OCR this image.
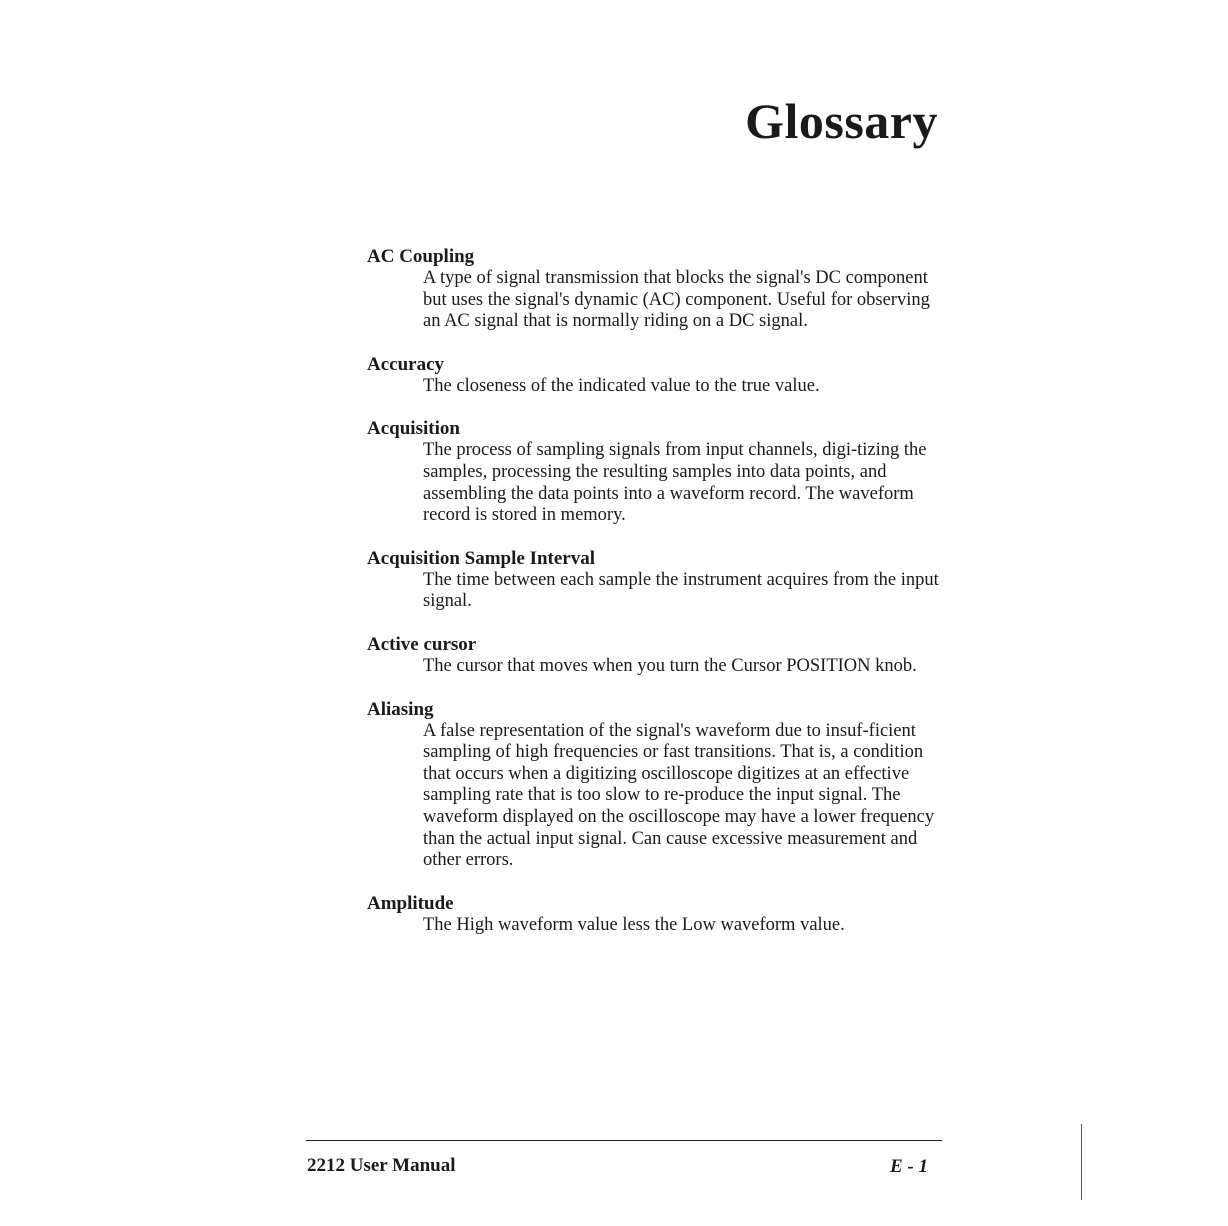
Glossary

AC Coupling

A type of signal transmission that blocks the signal's DC component but uses the signal's dynamic (AC) component. Useful for observing an AC signal that is normally riding on a DC signal.

Accuracy

The closeness of the indicated value to the true value.

Acquisition

The process of sampling signals from input channels, digi-tizing the samples, processing the resulting samples into data points, and assembling the data points into a waveform record. The waveform record is stored in memory.

Acquisition Sample Interval

The time between each sample the instrument acquires from the input signal.

Active cursor

The cursor that moves when you turn the Cursor POSITION knob.

Aliasing

A false representation of the signal's waveform due to insuf-ficient sampling of high frequencies or fast transitions. That is, a condition that occurs when a digitizing oscilloscope digitizes at an effective sampling rate that is too slow to re-produce the input signal. The waveform displayed on the oscilloscope may have a lower frequency than the actual input signal. Can cause excessive measurement and other errors.

Amplitude

The High waveform value less the Low waveform value.

2212 User Manual	E - 1
